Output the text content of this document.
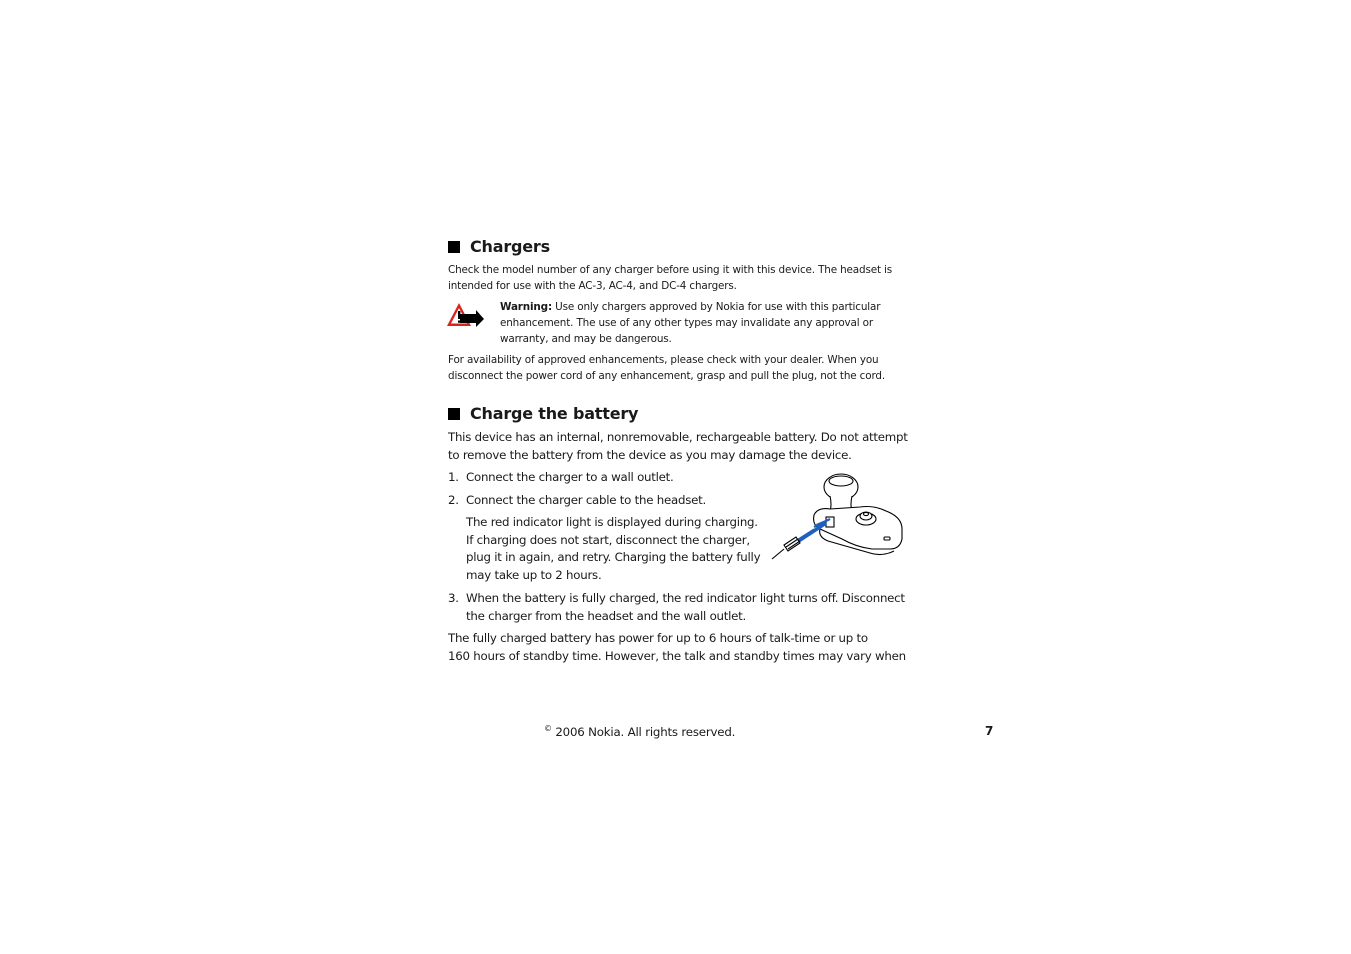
Chargers

Check the model number of any charger before using it with this device. The headset is

intended for use with the AC-3, AC-4, and DC-4 chargers.

Warning: Use only chargers approved by Nokia for use with this particular

enhancement. The use of any other types may invalidate any approval or

warranty, and may be dangerous.

For availability of approved enhancements, please check with your dealer. When you

disconnect the power cord of any enhancement, grasp and pull the plug, not the cord.

Charge the battery

This device has an internal, nonremovable, rechargeable battery. Do not attempt

to remove the battery from the device as you may damage the device.

1. Connect the charger to a wall outlet.

2. Connect the charger cable to the headset.

The red indicator light is displayed during charging.

If charging does not start, disconnect the charger,

plug it in again, and retry. Charging the battery fully

may take up to 2 hours.

3. When the battery is fully charged, the red indicator light turns off. Disconnect

the charger from the headset and the wall outlet.

The fully charged battery has power for up to 6 hours of talk-time or up to

160 hours of standby time. However, the talk and standby times may vary when

© 2006 Nokia. All rights reserved.	7
